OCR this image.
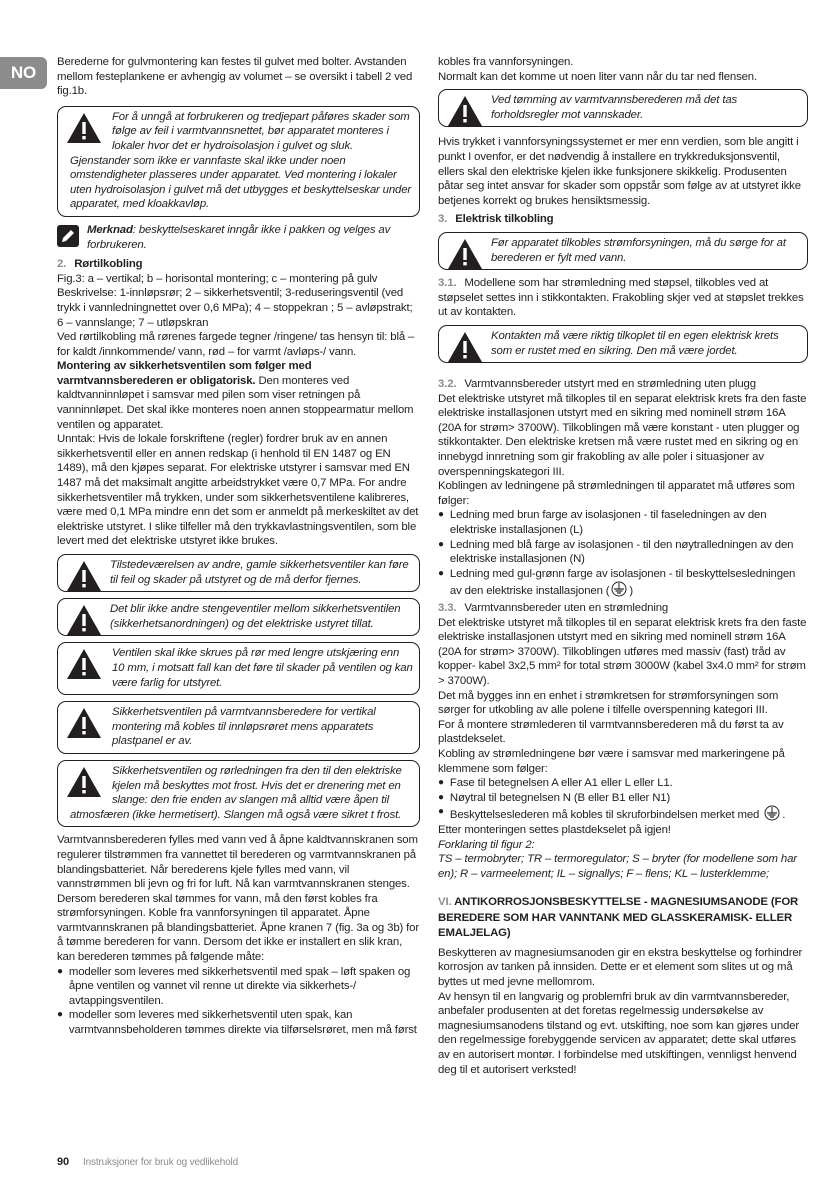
NO

Berederne for gulvmontering kan festes til gulvet med bolter. Avstanden mellom festeplankene er avhengig av volumet – se oversikt i tabell 2 ved fig.1b.

For å unngå at forbrukeren og tredjepart påføres skader som følge av feil i varmtvannsnettet, bør apparatet monteres i lokaler hvor det er hydroisolasjon i gulvet og sluk. Gjenstander som ikke er vannfaste skal ikke under noen omstendigheter plasseres under apparatet. Ved montering i lokaler uten hydroisolasjon i gulvet må det utbygges et beskyttelseskar under apparatet, med kloakkavløp.
Merknad: beskyttelseskaret inngår ikke i pakken og velges av forbrukeren.

2. Rørtilkobling

Fig.3: a – vertikal; b – horisontal montering; c – montering på gulv

Beskrivelse: 1-innløpsrør; 2 – sikkerhetsventil; 3-reduseringsventil (ved trykk i vannledningnettet over 0,6 MPa); 4 – stoppekran ; 5 – avløpstrakt; 6 – vannslange; 7 – utløpskran

Ved rørtilkobling må rørenes fargede tegner /ringene/ tas hensyn til: blå – for kaldt /innkommende/ vann, rød – for varmt /avløps-/ vann.

Montering av sikkerhetsventilen som følger med varmtvannsberederen er obligatorisk. Den monteres ved kaldtvanninnløpet i samsvar med pilen som viser retningen på vanninnløpet. Det skal ikke monteres noen annen stoppearmatur mellom ventilen og apparatet.

Unntak: Hvis de lokale forskriftene (regler) fordrer bruk av en annen sikkerhetsventil eller en annen redskap (i henhold til EN 1487 og EN 1489), må den kjøpes separat. For elektriske utstyrer i samsvar med EN 1487 må det maksimalt angitte arbeidstrykket være 0,7 MPa. For andre sikkerhetsventiler må trykken, under som sikkerhetsventilene kalibreres, være med 0,1 MPa mindre enn det som er anmeldt på merkeskiltet av det elektriske utstyret. I slike tilfeller må den trykkavlastningsventilen, som ble levert med det elektriske utstyret ikke brukes.

Tilstedeværelsen av andre, gamle sikkerhetsventiler kan føre til feil og skader på utstyret og de må derfor fjernes.
Det blir ikke andre stengeventiler mellom sikkerhetsventilen (sikkerhetsanordningen) og det elektriske ustyret tillat.
Ventilen skal ikke skrues på rør med lengre utskjæring enn 10 mm, i motsatt fall kan det føre til skader på ventilen og kan være farlig for utstyret.
Sikkerhetsventilen på varmtvannsberedere for vertikal montering må kobles til innløpsrøret mens apparatets plastpanel er av.
Sikkerhetsventilen og rørledningen fra den til den elektriske kjelen må beskyttes mot frost. Hvis det er drenering met en slange: den frie enden av slangen må alltid være åpen til atmosfæren (ikke hermetisert). Slangen må også være sikret t frost.

Varmtvannsberederen fylles med vann ved å åpne kaldtvannskranen som regulerer tilstrømmen fra vannettet til berederen og varmtvannskranen på blandingsbatteriet. Når berederens kjele fylles med vann, vil vannstrømmen bli jevn og fri for luft. Nå kan varmtvannskranen stenges.

Dersom berederen skal tømmes for vann, må den først kobles fra strømforsyningen. Koble fra vannforsyningen til apparatet. Åpne varmtvannskranen på blandingsbatteriet. Åpne kranen 7 (fig. 3a og 3b) for å tømme berederen for vann. Dersom det ikke er installert en slik kran, kan berederen tømmes på følgende måte:

● modeller som leveres med sikkerhetsventil med spak – løft spaken og åpne ventilen og vannet vil renne ut direkte via sikkerhets-/ avtappingsventilen.
● modeller som leveres med sikkerhetsventil uten spak, kan varmtvannsbeholderen tømmes direkte via tilførselsrøret, men må først

kobles fra vannforsyningen.

Normalt kan det komme ut noen liter vann når du tar ned flensen.

Ved tømming av varmtvannsberederen må det tas forholdsregler mot vannskader.

Hvis trykket i vannforsyningssystemet er mer enn verdien, som ble angitt i punkt I ovenfor, er det nødvendig å installere en trykkreduksjonsventil, ellers skal den elektriske kjelen ikke funksjonere skikkelig. Produsenten påtar seg intet ansvar for skader som oppstår som følge av at utstyret ikke betjenes korrekt og brukes hensiktsmessig.

3. Elektrisk tilkobling

Før apparatet tilkobles strømforsyningen, må du sørge for at berederen er fylt med vann.

3.1. Modellene som har strømledning med støpsel, tilkobles ved at støpselet settes inn i stikkontakten. Frakobling skjer ved at støpslet trekkes ut av kontakten.

Kontakten må være riktig tilkoplet til en egen elektrisk krets som er rustet med en sikring. Den må være jordet.

3.2. Varmtvannsbereder utstyrt med en strømledning uten plugg

Det elektriske utstyret må tilkoples til en separat elektrisk krets fra den faste elektriske installasjonen utstyrt med en sikring med nominell strøm 16A (20A for strøm> 3700W). Tilkoblingen må være konstant - uten plugger og stikkontakter. Den elektriske kretsen må være rustet med en sikring og en innebygd innretning som gir frakobling av alle poler i situasjoner av overspenningskategori III.

Koblingen av ledningene på strømledningen til apparatet må utføres som følger:

● Ledning med brun farge av isolasjonen - til faseledningen av den elektriske installasjonen (L)
● Ledning med blå farge av isolasjonen - til den nøytralledningen av den elektriske installasjonen (N)
● Ledning med gul-grønn farge av isolasjonen - til beskyttelsesledningen av den elektriske installasjonen ( )

3.3. Varmtvannsbereder uten en strømledning

Det elektriske utstyret må tilkoples til en separat elektrisk krets fra den faste elektriske installasjonen utstyrt med en sikring med nominell strøm 16A (20A for strøm> 3700W). Tilkoblingen utføres med massiv (fast) tråd av kopper- kabel 3x2,5 mm² for total strøm 3000W (kabel 3x4.0 mm² for strøm > 3700W).

Det må bygges inn en enhet i strømkretsen for strømforsyningen som sørger for utkobling av alle polene i tilfelle overspenning kategori III.

For å montere strømlederen til varmtvannsberederen må du først ta av plastdekselet.

Kobling av strømledningene bør være i samsvar med markeringene på klemmene som følger:

● Fase til betegnelsen A eller A1 eller L eller L1.
● Nøytral til betegnelsen N (B eller B1 eller N1)
● Beskyttelseslederen må kobles til skruforbindelsen merket med .

Etter monteringen settes plastdekselet på igjen!

Forklaring til figur 2:

TS – termobryter; TR – termoregulator; S – bryter (for modellene som har en); R – varmeelement; IL – signallys; F – flens; KL – lusterklemme;

VI. ANTIKORROSJONSBESKYTTELSE - MAGNESIUMSANODE (FOR BEREDERE SOM HAR VANNTANK MED GLASSKERAMISK- ELLER EMALJELAG)

Beskytteren av magnesiumsanoden gir en ekstra beskyttelse og forhindrer korrosjon av tanken på innsiden. Dette er et element som slites ut og må byttes ut med jevne mellomrom.

Av hensyn til en langvarig og problemfri bruk av din varmtvannsbereder, anbefaler produsenten at det foretas regelmessig undersøkelse av magnesiumsanodens tilstand og evt. utskifting, noe som kan gjøres under den regelmessige forebyggende servicen av apparatet; dette skal utføres av en autorisert montør. I forbindelse med utskiftingen, vennligst henvend deg til et autorisert verksted!

90 Instruksjoner for bruk og vedlikehold
